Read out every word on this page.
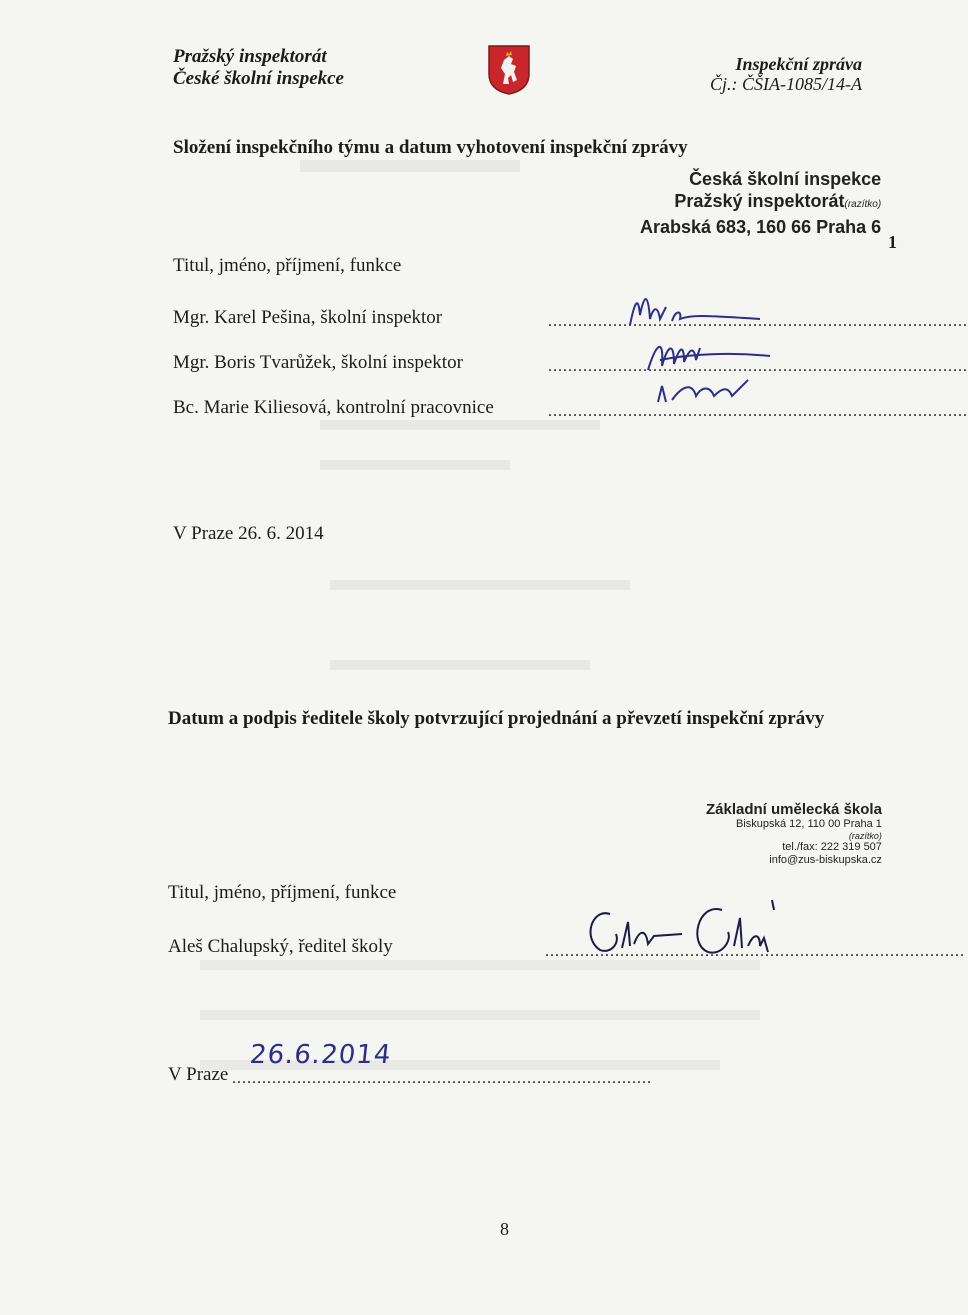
Pražský inspektorát
České školní inspekce
Inspekční zpráva
Čj.: ČŠIA-1085/14-A
Složení inspekčního týmu a datum vyhotovení inspekční zprávy
Česká školní inspekce
Pražský inspektorát(razítko)
Arabská 683, 160 66 Praha 6
1
Titul, jméno, příjmení, funkce
Mgr. Karel Pešina, školní inspektor	....................................................................................
Mgr. Boris Tvarůžek, školní inspektor	....................................................................................
Bc. Marie Kiliesová, kontrolní pracovnice	....................................................................................
V Praze 26. 6. 2014
Datum a podpis ředitele školy potvrzující projednání a převzetí inspekční zprávy
Základní umělecká škola
Biskupská 12, 110 00 Praha 1
(razítko)
tel./fax: 222 319 507
info@zus-biskupska.cz
Titul, jméno, příjmení, funkce
Aleš Chalupský, ředitel školy	....................................................................................
V Praze ....................................................................................
26.6.2014
8
